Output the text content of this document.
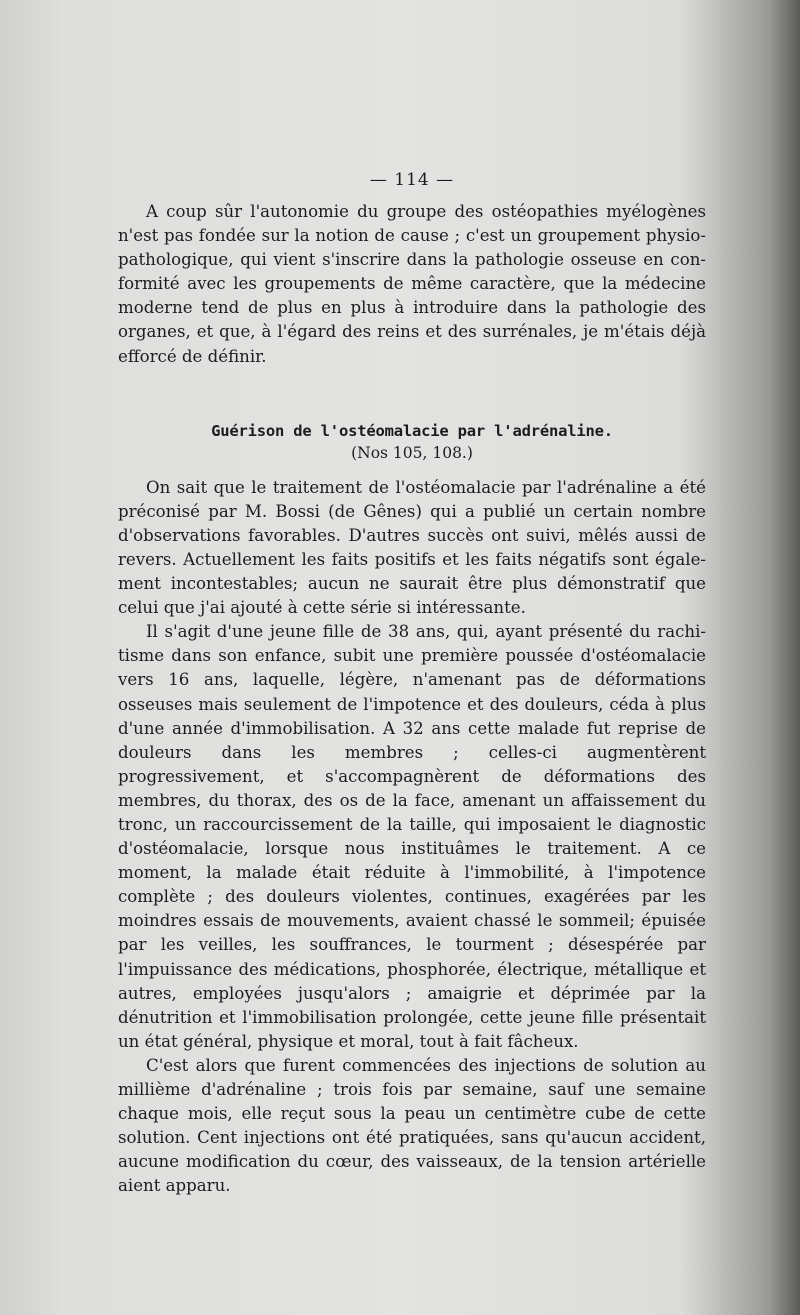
— 114 —

A coup sûr l'autonomie du groupe des ostéopathies myélogènes n'est pas fondée sur la notion de cause ; c'est un groupement physiopathologique, qui vient s'inscrire dans la pathologie osseuse en conformité avec les groupements de même caractère, que la médecine moderne tend de plus en plus à introduire dans la pathologie des organes, et que, à l'égard des reins et des surrénales, je m'étais déjà efforcé de définir.

Guérison de l'ostéomalacie par l'adrénaline.
(Nos 105, 108.)

On sait que le traitement de l'ostéomalacie par l'adrénaline a été préconisé par M. Bossi (de Gênes) qui a publié un certain nombre d'observations favorables. D'autres succès ont suivi, mêlés aussi de revers. Actuellement les faits positifs et les faits négatifs sont également incontestables; aucun ne saurait être plus démonstratif que celui que j'ai ajouté à cette série si intéressante.

Il s'agit d'une jeune fille de 38 ans, qui, ayant présenté du rachitisme dans son enfance, subit une première poussée d'ostéomalacie vers 16 ans, laquelle, légère, n'amenant pas de déformations osseuses mais seulement de l'impotence et des douleurs, céda à plus d'une année d'immobilisation. A 32 ans cette malade fut reprise de douleurs dans les membres ; celles-ci augmentèrent progressivement, et s'accompagnèrent de déformations des membres, du thorax, des os de la face, amenant un affaissement du tronc, un raccourcissement de la taille, qui imposaient le diagnostic d'ostéomalacie, lorsque nous instituâmes le traitement. A ce moment, la malade était réduite à l'immobilité, à l'impotence complète ; des douleurs violentes, continues, exagérées par les moindres essais de mouvements, avaient chassé le sommeil; épuisée par les veilles, les souffrances, le tourment ; désespérée par l'impuissance des médications, phosphorée, électrique, métallique et autres, employées jusqu'alors ; amaigrie et déprimée par la dénutrition et l'immobilisation prolongée, cette jeune fille présentait un état général, physique et moral, tout à fait fâcheux.

C'est alors que furent commencées des injections de solution au millième d'adrénaline ; trois fois par semaine, sauf une semaine chaque mois, elle reçut sous la peau un centimètre cube de cette solution. Cent injections ont été pratiquées, sans qu'aucun accident, aucune modification du cœur, des vaisseaux, de la tension artérielle aient apparu.
